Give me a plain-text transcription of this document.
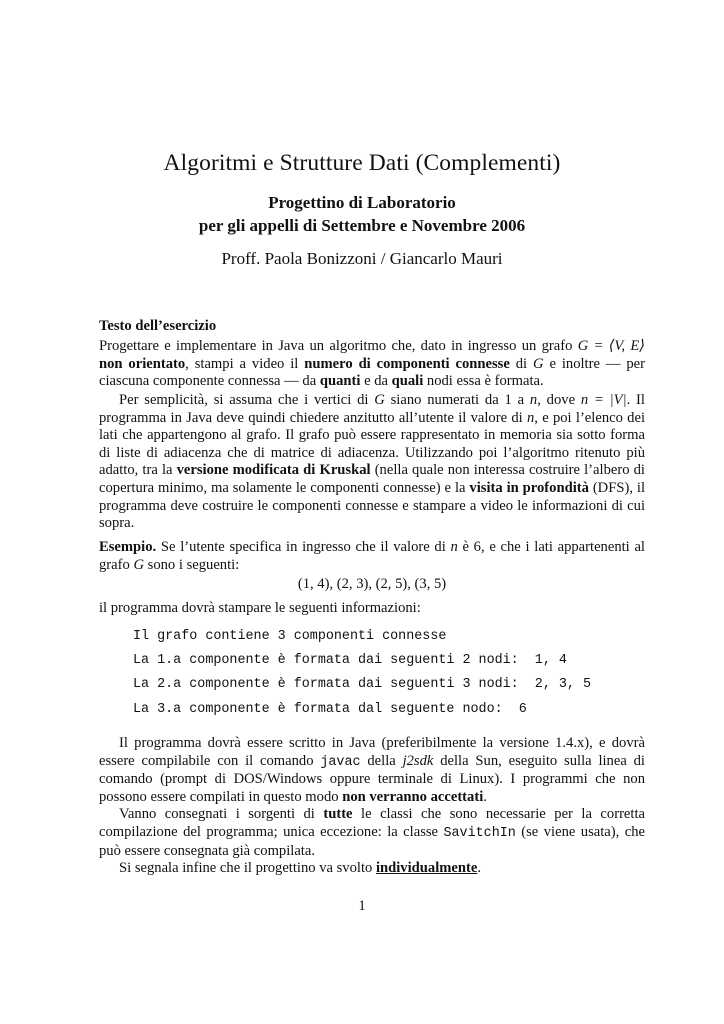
Algoritmi e Strutture Dati (Complementi)
Progettino di Laboratorio
per gli appelli di Settembre e Novembre 2006
Proff. Paola Bonizzoni / Giancarlo Mauri
Testo dell’esercizio

Progettare e implementare in Java un algoritmo che, dato in ingresso un grafo G = ⟨V, E⟩ non orientato, stampi a video il numero di componenti connesse di G e inoltre — per ciascuna componente connessa — da quanti e da quali nodi essa è formata.

Per semplicità, si assuma che i vertici di G siano numerati da 1 a n, dove n = |V|. Il programma in Java deve quindi chiedere anzitutto all’utente il valore di n, e poi l’elenco dei lati che appartengono al grafo. Il grafo può essere rappresentato in memoria sia sotto forma di liste di adiacenza che di matrice di adiacenza. Utilizzando poi l’algoritmo ritenuto più adatto, tra la versione modificata di Kruskal (nella quale non interessa costruire l’albero di copertura minimo, ma solamente le componenti connesse) e la visita in profondità (DFS), il programma deve costruire le componenti connesse e stampare a video le informazioni di cui sopra.

Esempio. Se l’utente specifica in ingresso che il valore di n è 6, e che i lati appartenenti al grafo G sono i seguenti:

(1, 4), (2, 3), (2, 5), (3, 5)

il programma dovrà stampare le seguenti informazioni:

Il grafo contiene 3 componenti connesse
La 1.a componente è formata dai seguenti 2 nodi:  1, 4
La 2.a componente è formata dai seguenti 3 nodi:  2, 3, 5
La 3.a componente è formata dal seguente nodo:  6

Il programma dovrà essere scritto in Java (preferibilmente la versione 1.4.x), e dovrà essere compilabile con il comando javac della j2sdk della Sun, eseguito sulla linea di comando (prompt di DOS/Windows oppure terminale di Linux). I programmi che non possono essere compilati in questo modo non verranno accettati.

Vanno consegnati i sorgenti di tutte le classi che sono necessarie per la corretta compilazione del programma; unica eccezione: la classe SavitchIn (se viene usata), che può essere consegnata già compilata.

Si segnala infine che il progettino va svolto individualmente.

1
